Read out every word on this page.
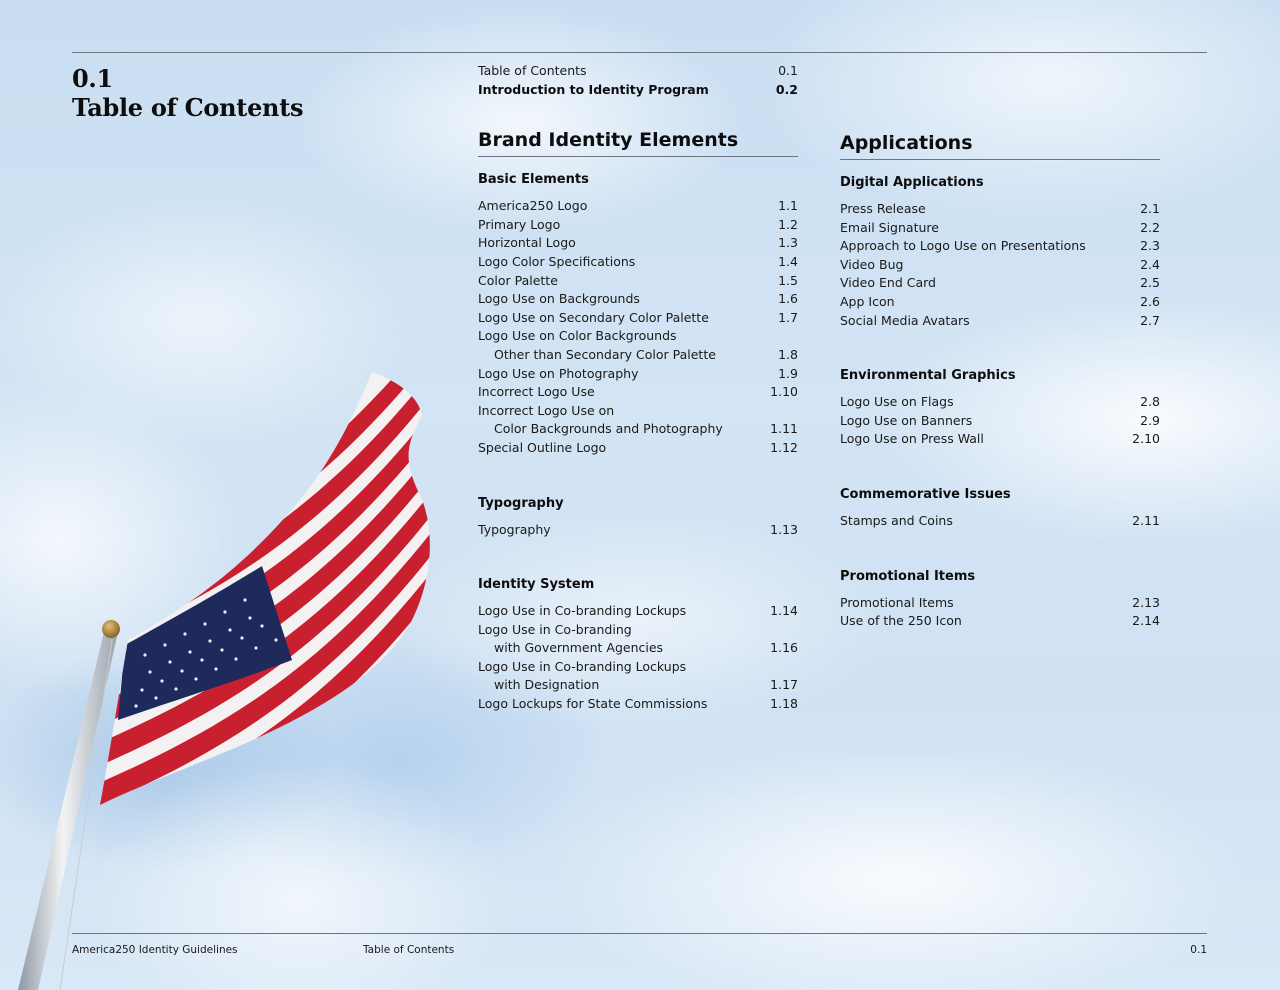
0.1
Table of Contents
Table of Contents	0.1
Introduction to Identity Program	0.2
Brand Identity Elements
Basic Elements
America250 Logo	1.1
Primary Logo	1.2
Horizontal Logo	1.3
Logo Color Specifications	1.4
Color Palette	1.5
Logo Use on Backgrounds	1.6
Logo Use on Secondary Color Palette	1.7
Logo Use on Color Backgrounds
Other than Secondary Color Palette	1.8
Logo Use on Photography	1.9
Incorrect Logo Use	1.10
Incorrect Logo Use on
Color Backgrounds and Photography	1.11
Special Outline Logo	1.12
Typography
Typography	1.13
Identity System
Logo Use in Co-branding Lockups	1.14
Logo Use in Co-branding
with Government Agencies	1.16
Logo Use in Co-branding Lockups
with Designation	1.17
Logo Lockups for State Commissions	1.18
Applications
Digital Applications
Press Release	2.1
Email Signature	2.2
Approach to Logo Use on Presentations	2.3
Video Bug	2.4
Video End Card	2.5
App Icon	2.6
Social Media Avatars	2.7
Environmental Graphics
Logo Use on Flags	2.8
Logo Use on Banners	2.9
Logo Use on Press Wall	2.10
Commemorative Issues
Stamps and Coins	2.11
Promotional Items
Promotional Items	2.13
Use of the 250 Icon	2.14
America250 Identity Guidelines	Table of Contents	0.1
